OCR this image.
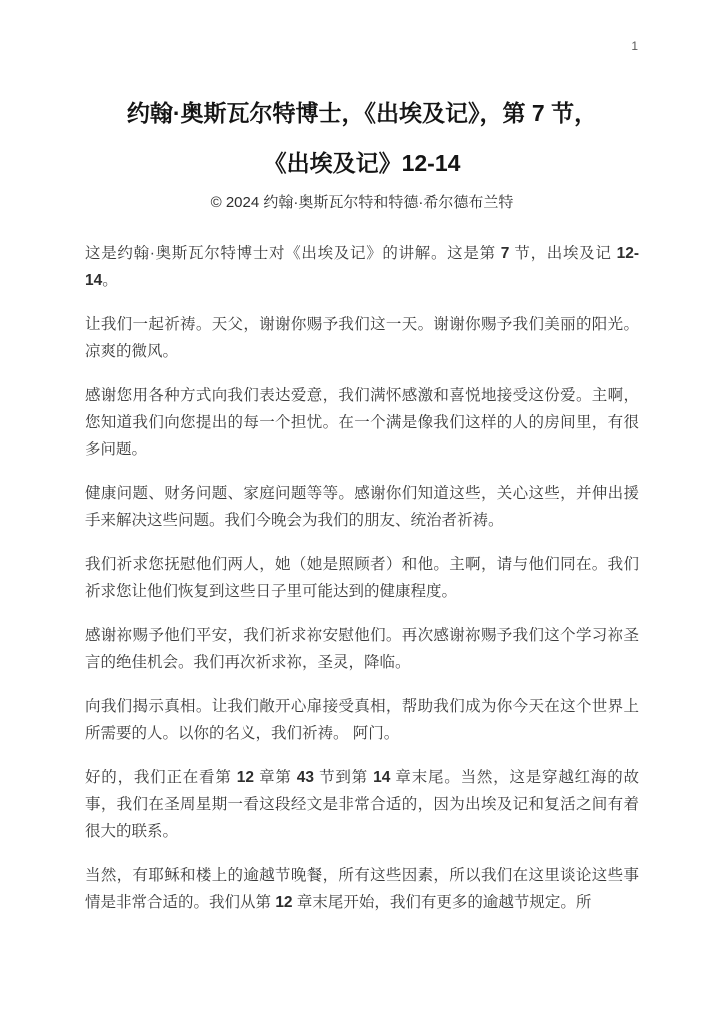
1
约翰·奥斯瓦尔特博士，《出埃及记》，第 7 节，
《出埃及记》12-14

© 2024 约翰·奥斯瓦尔特和特德·希尔德布兰特

这是约翰·奥斯瓦尔特博士对《出埃及记》的讲解。这是第 7 节，出埃及记 12-14。

让我们一起祈祷。天父，谢谢你赐予我们这一天。谢谢你赐予我们美丽的阳光。凉爽的微风。

感谢您用各种方式向我们表达爱意，我们满怀感激和喜悦地接受这份爱。主啊，您知道我们向您提出的每一个担忧。在一个满是像我们这样的人的房间里，有很多问题。

健康问题、财务问题、家庭问题等等。感谢你们知道这些，关心这些，并伸出援手来解决这些问题。我们今晚会为我们的朋友、统治者祈祷。

我们祈求您抚慰他们两人，她（她是照顾者）和他。主啊，请与他们同在。我们祈求您让他们恢复到这些日子里可能达到的健康程度。

感谢祢赐予他们平安，我们祈求祢安慰他们。再次感谢祢赐予我们这个学习祢圣言的绝佳机会。我们再次祈求祢，圣灵，降临。

向我们揭示真相。让我们敞开心扉接受真相，帮助我们成为你今天在这个世界上所需要的人。以你的名义，我们祈祷。 阿门。

好的，我们正在看第 12 章第 43 节到第 14 章末尾。当然，这是穿越红海的故事，我们在圣周星期一看这段经文是非常合适的，因为出埃及记和复活之间有着很大的联系。

当然，有耶稣和楼上的逾越节晚餐，所有这些因素，所以我们在这里谈论这些事情是非常合适的。我们从第 12 章末尾开始，我们有更多的逾越节规定。所
